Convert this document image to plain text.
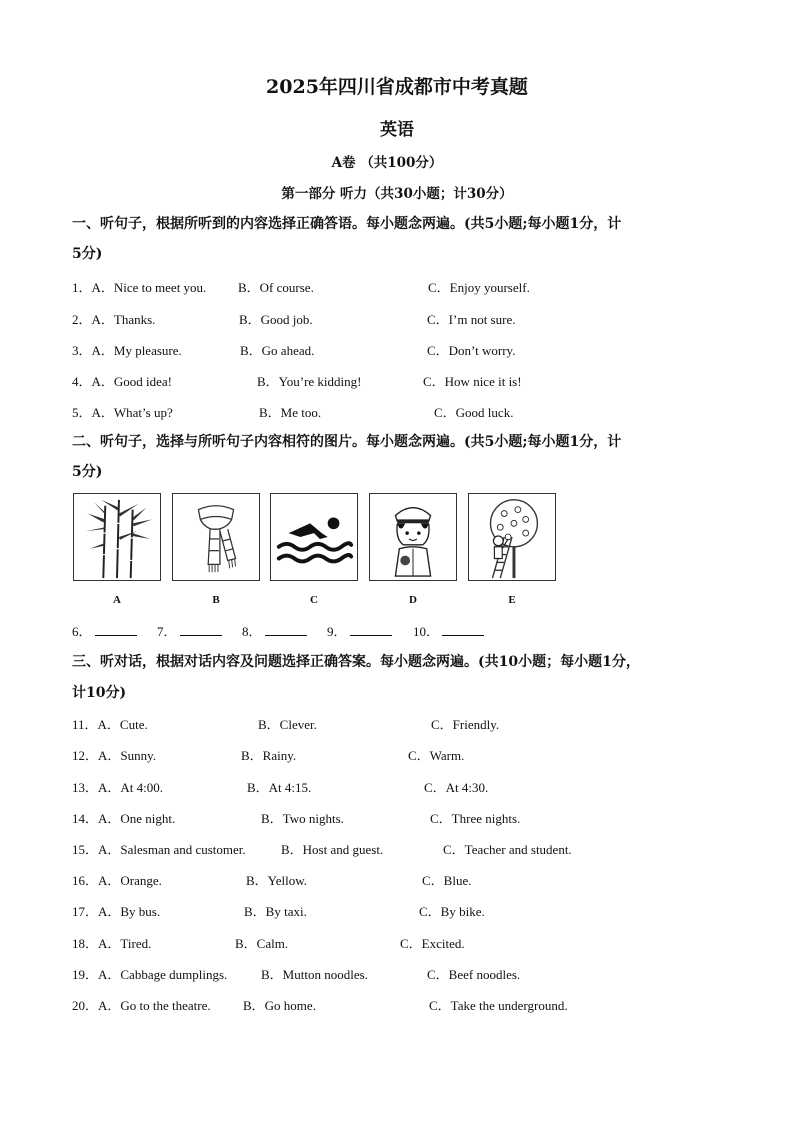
2025年四川省成都市中考真题
英语
A卷 （共100分）
第一部分 听力（共30小题；计30分）
一、听句子，根据所听到的内容选择正确答语。每小题念两遍。(共5小题;每小题1分，计
5分)
1．A．Nice to meet you. B．Of course.	C．Enjoy yourself.
2．A．Thanks.	B．Good job.	C．I’m not sure.
3．A．My pleasure.	B．Go ahead.	C．Don’t worry.
4．A．Good idea!	B．You’re kidding!	C．How nice it is!
5．A．What’s up?	B．Me too.	C．Good luck.
二、听句子，选择与所听句子内容相符的图片。每小题念两遍。(共5小题;每小题1分，计
5分)
A	B	C	D	E
6．	7．	8．	9．	10．
三、听对话，根据对话内容及问题选择正确答案。每小题念两遍。(共10小题；每小题1分，
计10分)
11．A．Cute.	B．Clever.	C．Friendly.
12．A．Sunny.	B．Rainy.	C．Warm.
13．A．At 4:00.	B．At 4:15.	C．At 4:30.
14．A．One night.	B．Two nights.	C．Three nights.
15．A．Salesman and customer.	B．Host and guest.	C．Teacher and student.
16．A．Orange.	B．Yellow.	C．Blue.
17．A．By bus.	B．By taxi.	C．By bike.
18．A．Tired.	B．Calm.	C．Excited.
19．A．Cabbage dumplings.	B．Mutton noodles.	C．Beef noodles.
20．A．Go to the theatre. B．Go home.	C．Take the underground.
